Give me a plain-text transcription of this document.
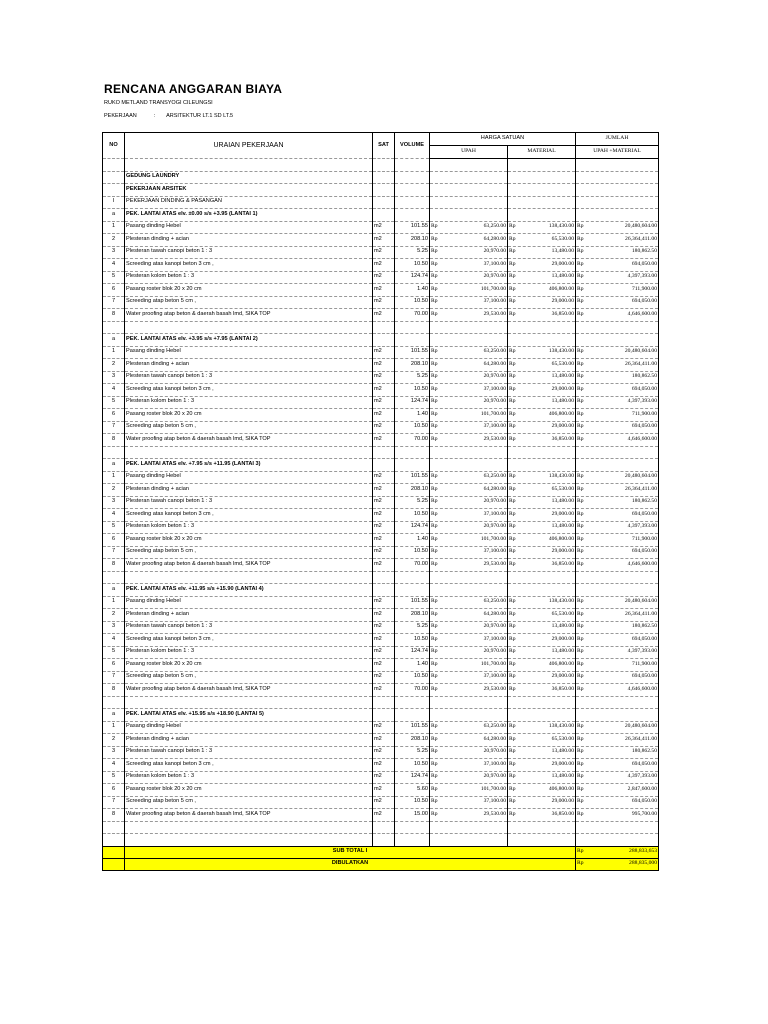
RENCANA ANGGARAN BIAYA
RUKO METLAND TRANSYOGI CILEUNGSI
PEKERJAAN	: ARSITEKTUR LT.1 SD LT.5
NO	URAIAN PEKERJAAN	SAT	VOLUME	HARGA SATUAN		JUMLAH
				UPAH	MATERIAL	UPAH +MATERIAL

	GEDUNG LAUNDRY					
	PEKERJAAN ARSITEK					
I	PEKERJAAN DINDING & PASANGAN					
a	PEK. LANTAI ATAS elv. ±0.00 s/s +3.95 (LANTAI 1)					
1	Pasang dinding Hebel	m2	101.55	Rp 63,250.00	Rp 138,430.00	Rp 20,480,604.00

2	Plesteran dinding + acian	m2	208.10	Rp 64,280.00	Rp 65,530.00	Rp 26,364,411.00

3	Plesteran tawah canopi beton 1 : 3	m2	5.25	Rp 20,970.00	Rp 13,480.00	Rp 180,862.50

4	Screeding atas kanopi beton 3 cm ,	m2	10.50	Rp 37,100.00	Rp 29,000.00	Rp 694,050.00

5	Plesteran kolom beton 1 : 3	m2	124.74	Rp 20,970.00	Rp 13,480.00	Rp 4,397,393.00

6	Pasang roster blok 20 x 20 cm	m2	1.40	Rp 101,700.00	Rp 406,800.00	Rp 711,900.00

7	Screeding atap beton 5 cm ,	m2	10.50	Rp 37,100.00	Rp 29,000.00	Rp 694,050.00

8	Water proofing atap beton & daerah basah lmd, SIKA TOP	m2	70.00	Rp 29,530.00	Rp 36,850.00	Rp 4,646,600.00

a	PEK. LANTAI ATAS elv. +3.95 s/s +7.95 (LANTAI 2)					
1	Pasang dinding Hebel	m2	101.55	Rp 63,250.00	Rp 138,430.00	Rp 20,480,604.00

2	Plesteran dinding + acian	m2	208.10	Rp 64,280.00	Rp 65,530.00	Rp 26,364,411.00

3	Plesteran tawah canopi beton 1 : 3	m2	5.25	Rp 20,970.00	Rp 13,480.00	Rp 180,862.50

4	Screeding atas kanopi beton 3 cm ,	m2	10.50	Rp 37,100.00	Rp 29,000.00	Rp 694,050.00

5	Plesteran kolom beton 1 : 3	m2	124.74	Rp 20,970.00	Rp 13,480.00	Rp 4,397,393.00

6	Pasang roster blok 20 x 20 cm	m2	1.40	Rp 101,700.00	Rp 406,800.00	Rp 711,900.00

7	Screeding atap beton 5 cm ,	m2	10.50	Rp 37,100.00	Rp 29,000.00	Rp 694,050.00

8	Water proofing atap beton & daerah basah lmd, SIKA TOP	m2	70.00	Rp 29,530.00	Rp 36,850.00	Rp 4,646,600.00

a	PEK. LANTAI ATAS elv. +7.95 s/s +11.95 (LANTAI 3)					
1	Pasang dinding Hebel	m2	101.55	Rp 63,250.00	Rp 138,430.00	Rp 20,480,604.00

2	Plesteran dinding + acian	m2	208.10	Rp 64,280.00	Rp 65,530.00	Rp 26,364,411.00

3	Plesteran tawah canopi beton 1 : 3	m2	5.25	Rp 20,970.00	Rp 13,480.00	Rp 180,862.50

4	Screeding atas kanopi beton 3 cm ,	m2	10.50	Rp 37,100.00	Rp 29,000.00	Rp 694,050.00

5	Plesteran kolom beton 1 : 3	m2	124.74	Rp 20,970.00	Rp 13,480.00	Rp 4,397,393.00

6	Pasang roster blok 20 x 20 cm	m2	1.40	Rp 101,700.00	Rp 406,800.00	Rp 711,900.00

7	Screeding atap beton 5 cm ,	m2	10.50	Rp 37,100.00	Rp 29,000.00	Rp 694,050.00

8	Water proofing atap beton & daerah basah lmd, SIKA TOP	m2	70.00	Rp 29,530.00	Rp 36,850.00	Rp 4,646,600.00

a	PEK. LANTAI ATAS elv. +11.95 s/s +15.90 (LANTAI 4)					
1	Pasang dinding Hebel	m2	101.55	Rp 63,250.00	Rp 138,430.00	Rp 20,480,604.00

2	Plesteran dinding + acian	m2	208.10	Rp 64,280.00	Rp 65,530.00	Rp 26,364,411.00

3	Plesteran tawah canopi beton 1 : 3	m2	5.25	Rp 20,970.00	Rp 13,480.00	Rp 180,862.50

4	Screeding atas kanopi beton 3 cm ,	m2	10.50	Rp 37,100.00	Rp 29,000.00	Rp 694,050.00

5	Plesteran kolom beton 1 : 3	m2	124.74	Rp 20,970.00	Rp 13,480.00	Rp 4,397,393.00

6	Pasang roster blok 20 x 20 cm	m2	1.40	Rp 101,700.00	Rp 406,800.00	Rp 711,900.00

7	Screeding atap beton 5 cm ,	m2	10.50	Rp 37,100.00	Rp 29,000.00	Rp 694,050.00

8	Water proofing atap beton & daerah basah lmd, SIKA TOP	m2	70.00	Rp 29,530.00	Rp 36,850.00	Rp 4,646,600.00

a	PEK. LANTAI ATAS elv. +15.95 s/s +18.90 (LANTAI 5)					
1	Pasang dinding Hebel	m2	101.55	Rp 63,250.00	Rp 138,430.00	Rp 20,480,604.00

2	Plesteran dinding + acian	m2	208.10	Rp 64,280.00	Rp 65,530.00	Rp 26,364,411.00

3	Plesteran tawah canopi beton 1 : 3	m2	5.25	Rp 20,970.00	Rp 13,480.00	Rp 180,862.50

4	Screeding atas kanopi beton 3 cm ,	m2	10.50	Rp 37,100.00	Rp 29,000.00	Rp 694,050.00

5	Plesteran kolom beton 1 : 3	m2	124.74	Rp 20,970.00	Rp 13,480.00	Rp 4,397,393.00

6	Pasang roster blok 20 x 20 cm	m2	5.60	Rp 101,700.00	Rp 406,800.00	Rp 2,847,600.00

7	Screeding atap beton 5 cm ,	m2	10.50	Rp 37,100.00	Rp 29,000.00	Rp 694,050.00

8	Water proofing atap beton & daerah basah lmd, SIKA TOP	m2	15.00	Rp 29,530.00	Rp 36,850.00	Rp 995,700.00

	SUB TOTAL I					Rp 288,833,653

	DIBULATKAN					Rp 288,835,000
